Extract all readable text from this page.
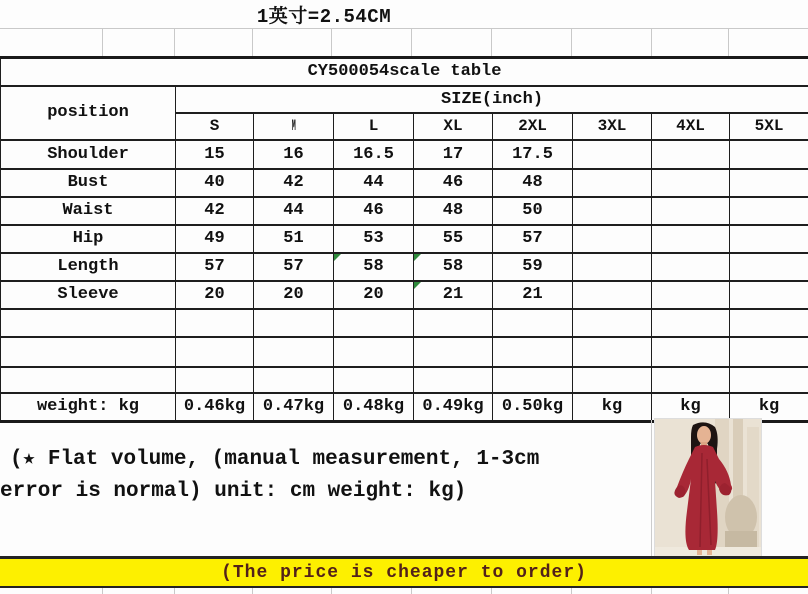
1英寸=2.54CM
CY500054scale table								
position	SIZE(inch)							
	S	M	L	XL	2XL	3XL	4XL	5XL
Shoulder	15	16	16.5	17	17.5			
Bust	40	42	44	46	48			
Waist	42	44	46	48	50			
Hip	49	51	53	55	57			
Length	57	57	58	58	59			
Sleeve	20	20	20	21	21			

weight: kg	0.46kg	0.47kg	0.48kg	0.49kg	0.50kg	kg	kg	kg
(★ Flat volume, (manual measurement, 1-3cm
error is normal) unit: cm weight: kg)
(The price is cheaper to order)
